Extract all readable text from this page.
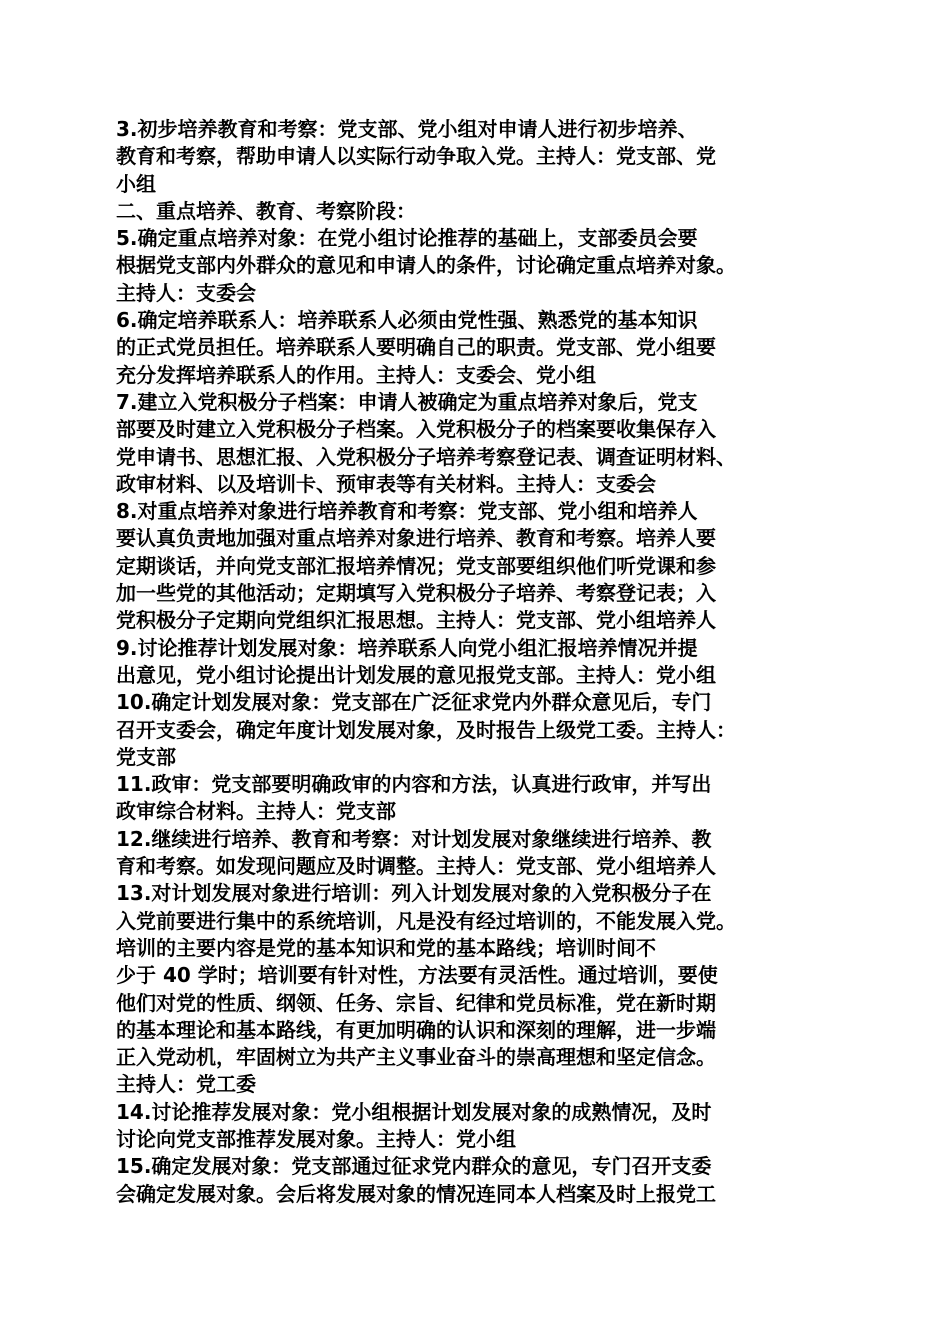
3.初步培养教育和考察：党支部、党小组对申请人进行初步培养、
教育和考察，帮助申请人以实际行动争取入党。主持人：党支部、党
小组
二、重点培养、教育、考察阶段：
5.确定重点培养对象：在党小组讨论推荐的基础上，支部委员会要
根据党支部内外群众的意见和申请人的条件，讨论确定重点培养对象。
主持人：支委会
6.确定培养联系人：培养联系人必须由党性强、熟悉党的基本知识
的正式党员担任。培养联系人要明确自己的职责。党支部、党小组要
充分发挥培养联系人的作用。主持人：支委会、党小组
7.建立入党积极分子档案：申请人被确定为重点培养对象后，党支
部要及时建立入党积极分子档案。入党积极分子的档案要收集保存入
党申请书、思想汇报、入党积极分子培养考察登记表、调查证明材料、
政审材料、以及培训卡、预审表等有关材料。主持人：支委会
8.对重点培养对象进行培养教育和考察：党支部、党小组和培养人
要认真负责地加强对重点培养对象进行培养、教育和考察。培养人要
定期谈话，并向党支部汇报培养情况；党支部要组织他们听党课和参
加一些党的其他活动；定期填写入党积极分子培养、考察登记表；入
党积极分子定期向党组织汇报思想。主持人：党支部、党小组培养人
9.讨论推荐计划发展对象：培养联系人向党小组汇报培养情况并提
出意见，党小组讨论提出计划发展的意见报党支部。主持人：党小组
10.确定计划发展对象：党支部在广泛征求党内外群众意见后，专门
召开支委会，确定年度计划发展对象，及时报告上级党工委。主持人：
党支部
11.政审：党支部要明确政审的内容和方法，认真进行政审，并写出
政审综合材料。主持人：党支部
12.继续进行培养、教育和考察：对计划发展对象继续进行培养、教
育和考察。如发现问题应及时调整。主持人：党支部、党小组培养人
13.对计划发展对象进行培训：列入计划发展对象的入党积极分子在
入党前要进行集中的系统培训，凡是没有经过培训的，不能发展入党。
培训的主要内容是党的基本知识和党的基本路线；培训时间不
少于 40 学时；培训要有针对性，方法要有灵活性。通过培训，要使
他们对党的性质、纲领、任务、宗旨、纪律和党员标准，党在新时期
的基本理论和基本路线，有更加明确的认识和深刻的理解，进一步端
正入党动机，牢固树立为共产主义事业奋斗的崇高理想和坚定信念。
主持人：党工委
14.讨论推荐发展对象：党小组根据计划发展对象的成熟情况，及时
讨论向党支部推荐发展对象。主持人：党小组
15.确定发展对象：党支部通过征求党内群众的意见，专门召开支委
会确定发展对象。会后将发展对象的情况连同本人档案及时上报党工
